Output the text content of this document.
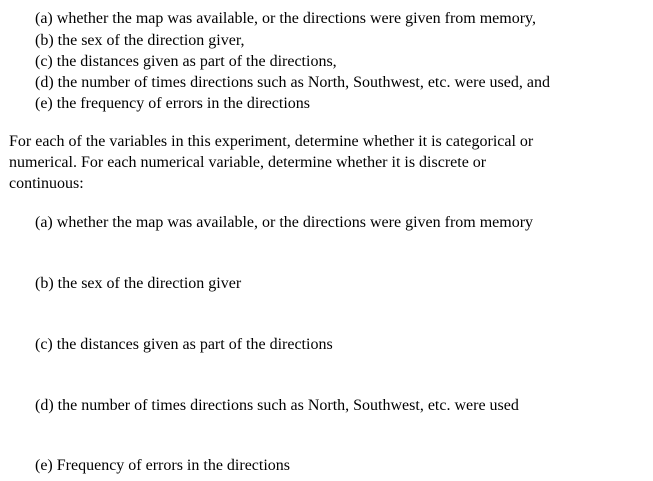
(a) whether the map was available, or the directions were given from memory,
(b) the sex of the direction giver,
(c) the distances given as part of the directions,
(d) the number of times directions such as North, Southwest, etc. were used, and
(e) the frequency of errors in the directions
For each of the variables in this experiment, determine whether it is categorical or
numerical. For each numerical variable, determine whether it is discrete or
continuous:
(a) whether the map was available, or the directions were given from memory
(b) the sex of the direction giver
(c) the distances given as part of the directions
(d) the number of times directions such as North, Southwest, etc. were used
(e) Frequency of errors in the directions
